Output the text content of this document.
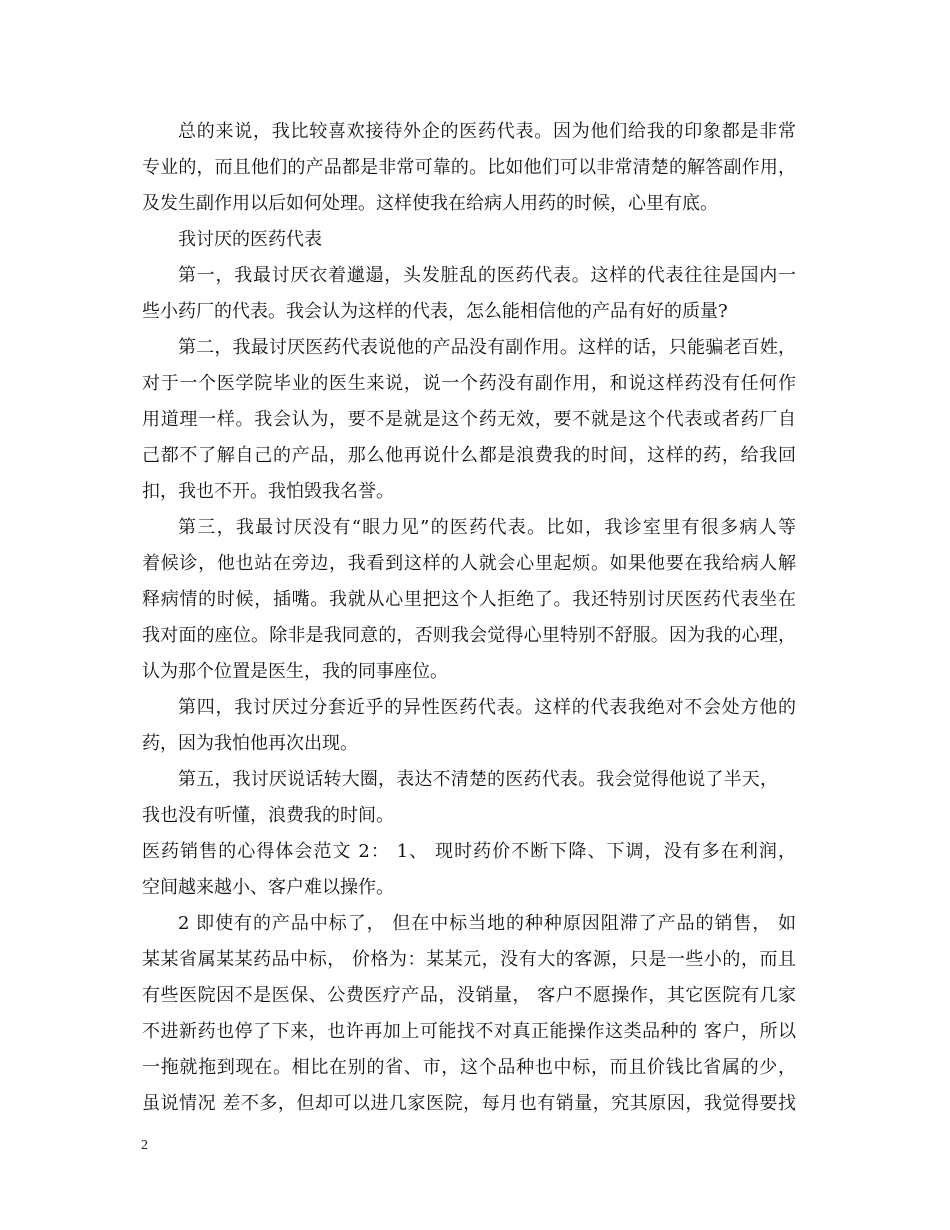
总的来说，我比较喜欢接待外企的医药代表。因为他们给我的印象都是非常
专业的，而且他们的产品都是非常可靠的。比如他们可以非常清楚的解答副作用，
及发生副作用以后如何处理。这样使我在给病人用药的时候，心里有底。
我讨厌的医药代表
第一，我最讨厌衣着邋遢，头发脏乱的医药代表。这样的代表往往是国内一
些小药厂的代表。我会认为这样的代表，怎么能相信他的产品有好的质量?
第二，我最讨厌医药代表说他的产品没有副作用。这样的话，只能骗老百姓，
对于一个医学院毕业的医生来说，说一个药没有副作用，和说这样药没有任何作
用道理一样。我会认为，要不是就是这个药无效，要不就是这个代表或者药厂自
己都不了解自己的产品，那么他再说什么都是浪费我的时间，这样的药，给我回
扣，我也不开。我怕毁我名誉。
第三，我最讨厌没有“眼力见”的医药代表。比如，我诊室里有很多病人等
着候诊，他也站在旁边，我看到这样的人就会心里起烦。如果他要在我给病人解
释病情的时候，插嘴。我就从心里把这个人拒绝了。我还特别讨厌医药代表坐在
我对面的座位。除非是我同意的，否则我会觉得心里特别不舒服。因为我的心理，
认为那个位置是医生，我的同事座位。
第四，我讨厌过分套近乎的异性医药代表。这样的代表我绝对不会处方他的
药，因为我怕他再次出现。
第五，我讨厌说话转大圈，表达不清楚的医药代表。我会觉得他说了半天，
我也没有听懂，浪费我的时间。
医药销售的心得体会范文 2： 1、 现时药价不断下降、下调，没有多在利润，
空间越来越小、客户难以操作。
2 即使有的产品中标了， 但在中标当地的种种原因阻滞了产品的销售， 如
某某省属某某药品中标， 价格为：某某元，没有大的客源，只是一些小的，而且
有些医院因不是医保、公费医疗产品，没销量， 客户不愿操作，其它医院有几家
不进新药也停了下来，也许再加上可能找不对真正能操作这类品种的 客户，所以
一拖就拖到现在。相比在别的省、市，这个品种也中标，而且价钱比省属的少，
虽说情况 差不多，但却可以进几家医院，每月也有销量，究其原因，我觉得要找
2
